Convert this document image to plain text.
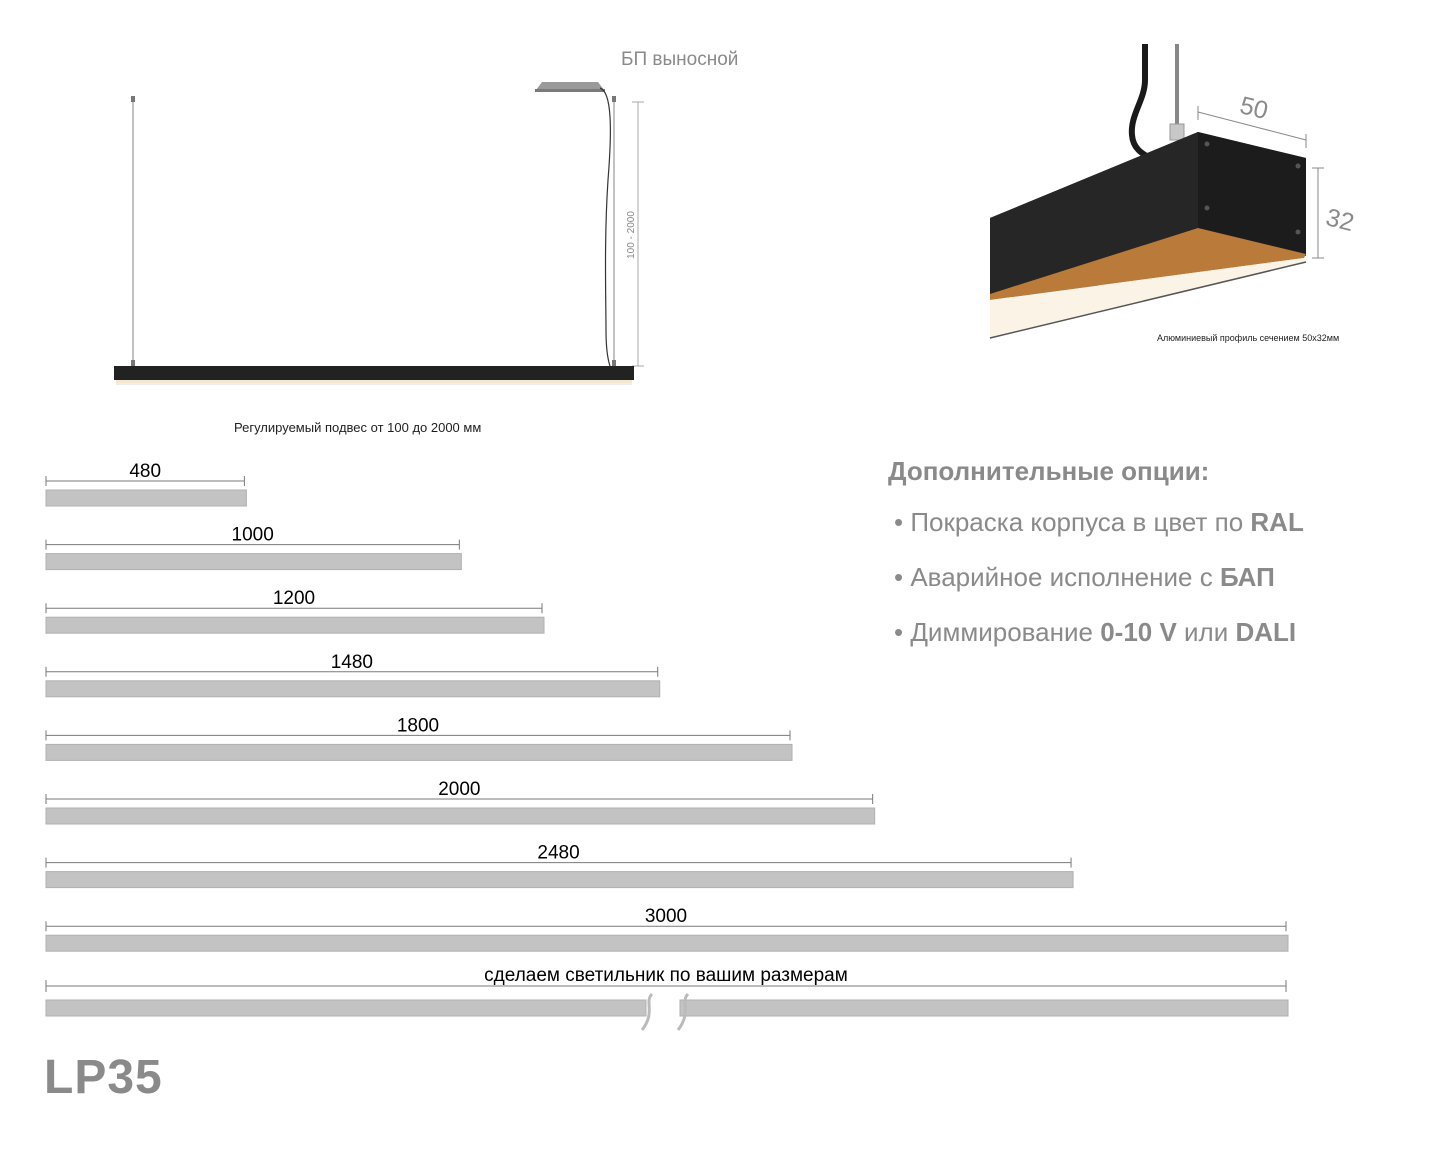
100 - 2000
БП выносной
Регулируемый подвес от 100 до 2000 мм
50
32
Алюминиевый профиль сечением 50х32мм
480
1000
1200
1480
1800
2000
2480
3000
сделаем светильник по вашим размерам
Дополнительные опции:
• Покраска корпуса в цвет по RAL
• Аварийное исполнение с БАП
• Диммирование 0-10 V или DALI
LP35
